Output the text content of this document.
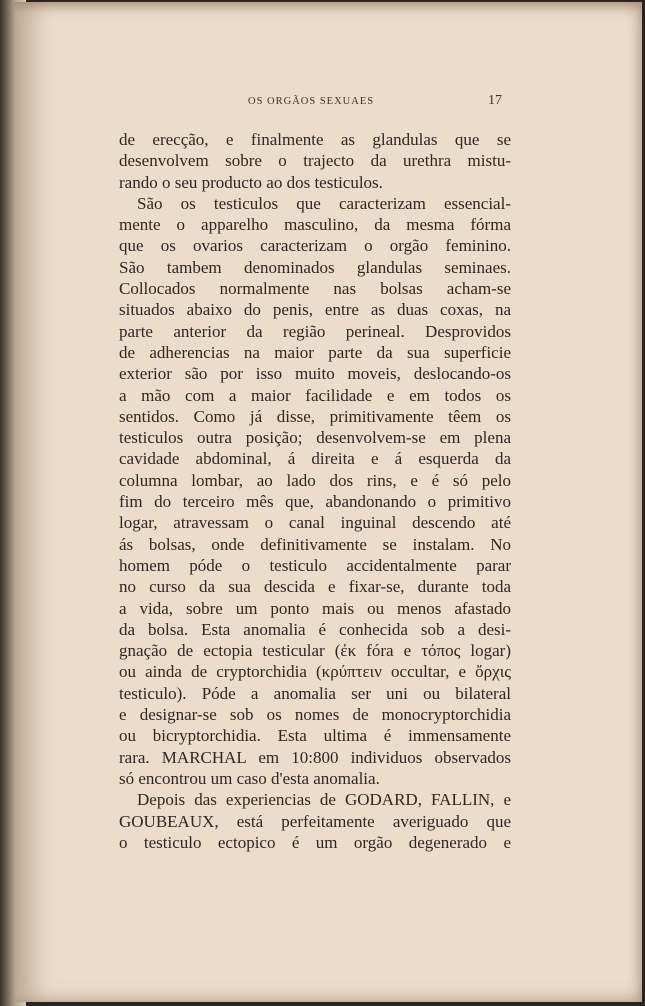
OS ORGÃOS SEXUAES	17

de erecção, e finalmente as glandulas que se
desenvolvem sobre o trajecto da urethra mistu-
rando o seu producto ao dos testiculos.

São os testiculos que caracterizam essencial-
mente o apparelho masculino, da mesma fórma
que os ovarios caracterizam o orgão feminino.
São tambem denominados glandulas seminaes.
Collocados normalmente nas bolsas acham-se
situados abaixo do penis, entre as duas coxas, na
parte anterior da região perineal. Desprovidos
de adherencias na maior parte da sua superficie
exterior são por isso muito moveis, deslocando-os
a mão com a maior facilidade e em todos os
sentidos. Como já disse, primitivamente têem os
testiculos outra posição; desenvolvem-se em plena
cavidade abdominal, á direita e á esquerda da
columna lombar, ao lado dos rins, e é só pelo
fim do terceiro mês que, abandonando o primitivo
logar, atravessam o canal inguinal descendo até
ás bolsas, onde definitivamente se instalam. No
homem póde o testiculo accidentalmente parar
no curso da sua descida e fixar-se, durante toda
a vida, sobre um ponto mais ou menos afastado
da bolsa. Esta anomalia é conhecida sob a desi-
gnação de ectopia testicular (ἐκ fóra e τόπος logar)
ou ainda de cryptorchidia (κρύπτειν occultar, e ὄρχις
testiculo). Póde a anomalia ser uni ou bilateral
e designar-se sob os nomes de monocryptorchidia
ou bicryptorchidia. Esta ultima é immensamente
rara. MARCHAL em 10:800 individuos observados
só encontrou um caso d'esta anomalia.

Depois das experiencias de GODARD, FALLIN, e
GOUBEAUX, está perfeitamente averiguado que
o testiculo ectopico é um orgão degenerado e
